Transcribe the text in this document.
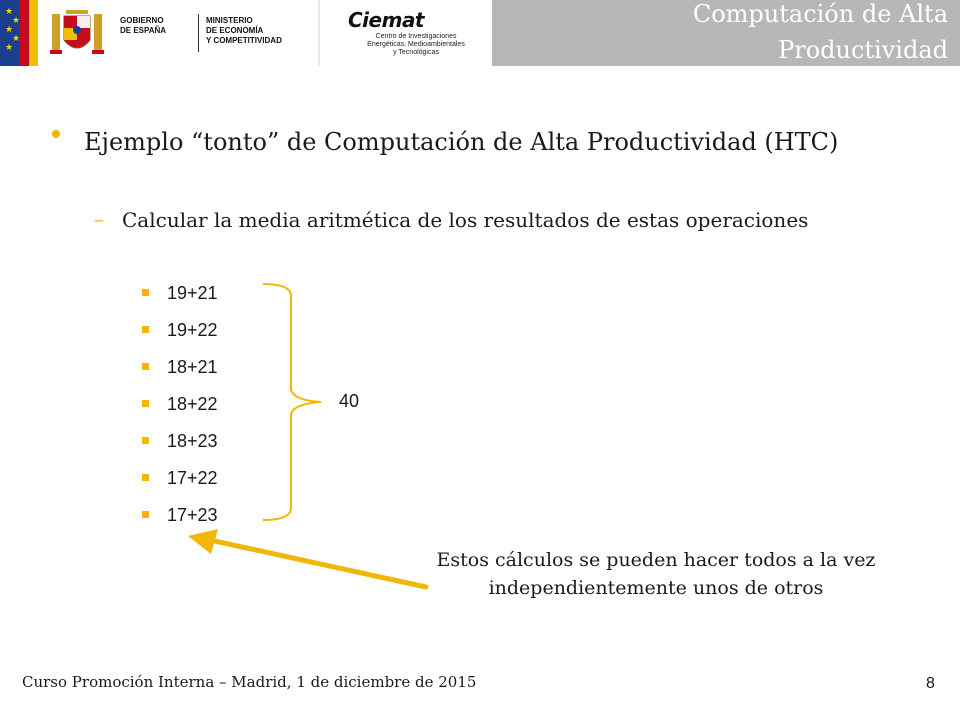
★
★
★
★
★
GOBIERNO
DE ESPAÑA
MINISTERIO
DE ECONOMÍA
Y COMPETITIVIDAD
Ciemat
Centro de Investigaciones
Energéticas, Medioambientales
y Tecnológicas
Computación de Alta
Productividad
Ejemplo “tonto” de Computación de Alta Productividad (HTC)
– Calcular la media aritmética de los resultados de estas operaciones
19+21
19+22
18+21
18+22
18+23
17+22
17+23
40
Estos cálculos se pueden hacer todos a la vez independientemente unos de otros
Curso Promoción Interna – Madrid, 1 de diciembre de 2015	8
